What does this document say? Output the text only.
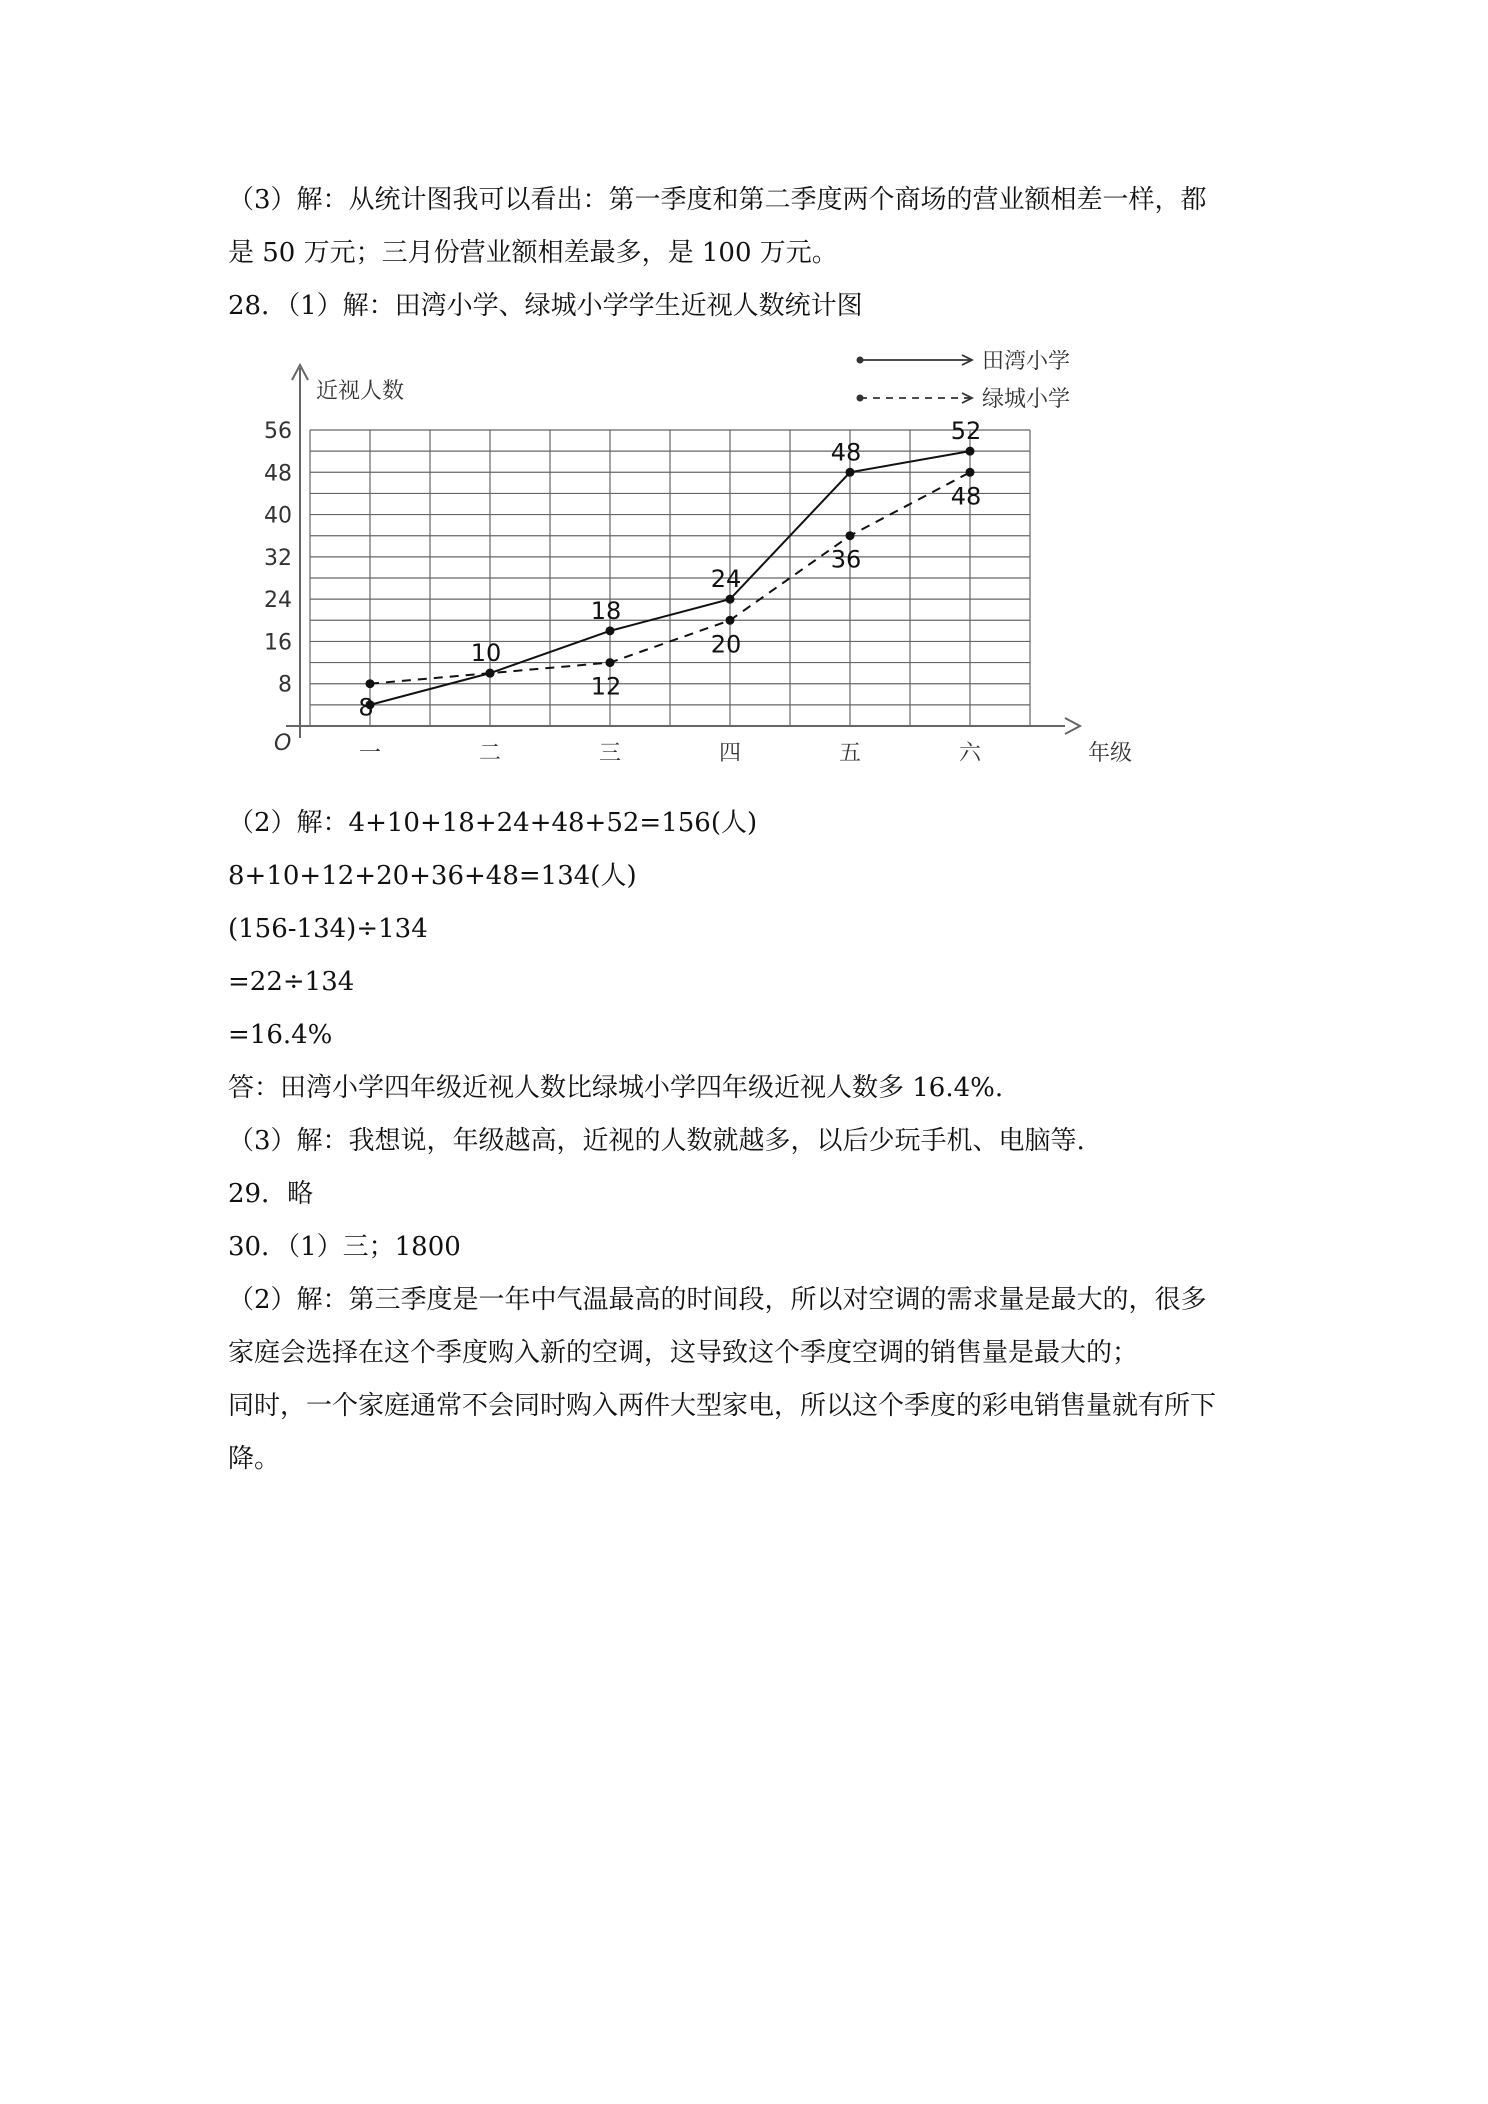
（3）解：从统计图我可以看出：第一季度和第二季度两个商场的营业额相差一样，都
是 50 万元；三月份营业额相差最多，是 100 万元。
28．（1）解：田湾小学、绿城小学学生近视人数统计图
近视人数
年级
O
8
16
24
32
40
48
56
一	二	三	四	五	六
10
18
24
48
52
8
12
20
36
48
田湾小学
绿城小学
（2）解：4+10+18+24+48+52=156(人)
8+10+12+20+36+48=134(人)
(156-134)÷134
=22÷134
=16.4%
答：田湾小学四年级近视人数比绿城小学四年级近视人数多 16.4%.
（3）解：我想说，年级越高，近视的人数就越多，以后少玩手机、电脑等.
29．略
30．（1）三；1800
（2）解：第三季度是一年中气温最高的时间段，所以对空调的需求量是最大的，很多
家庭会选择在这个季度购入新的空调，这导致这个季度空调的销售量是最大的；
同时，一个家庭通常不会同时购入两件大型家电，所以这个季度的彩电销售量就有所下
降。
